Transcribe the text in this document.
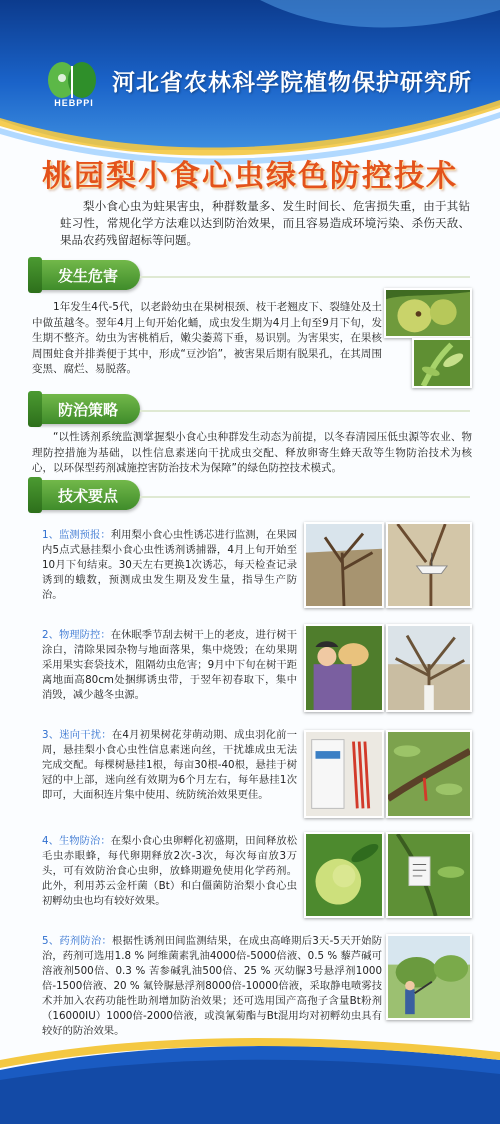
HEBPPI
河北省农林科学院植物保护研究所
桃园梨小食心虫绿色防控技术
梨小食心虫为蛀果害虫，种群数量多、发生时间长、危害损失重，由于其钻蛀习性，常规化学方法难以达到防治效果，而且容易造成环境污染、杀伤天敌、果品农药残留超标等问题。
发生危害
1年发生4代-5代，以老龄幼虫在果树根颈、枝干老翘皮下、裂缝处及土中做茧越冬。翌年4月上旬开始化蛹，成虫发生期为4月上旬至9月下旬，发生期不整齐。幼虫为害桃梢后，嫩尖萎蔫下垂，易识别。为害果实，在果核周围蛀食并排粪便于其中，形成“豆沙馅”，被害果后期有脱果孔，在其周围变黑、腐烂、易脱落。
防治策略
“以性诱剂系统监测掌握梨小食心虫种群发生动态为前提，以冬春清园压低虫源等农业、物理防控措施为基础，以性信息素迷向干扰成虫交配、释放卵寄生蜂天敌等生物防治技术为核心，以环保型药剂减施控害防治技术为保障”的绿色防控技术模式。
技术要点
1、监测预报：利用梨小食心虫性诱芯进行监测，在果园内5点式悬挂梨小食心虫性诱剂诱捕器，4月上旬开始至10月下旬结束。30天左右更换1次诱芯，每天检查记录诱到的蛾数，预测成虫发生期及发生量，指导生产防治。
2、物理防控：在休眠季节刮去树干上的老皮，进行树干涂白，清除果园杂物与地面落果，集中烧毁；在幼果期采用果实套袋技术，阻隔幼虫危害；9月中下旬在树干距离地面高80cm处捆绑诱虫带，于翌年初春取下，集中消毁，减少越冬虫源。
3、迷向干扰：在4月初果树花芽萌动期、成虫羽化前一周，悬挂梨小食心虫性信息素迷向丝，干扰雄成虫无法完成交配。每棵树悬挂1根，每亩30根-40根，悬挂于树冠的中上部，迷向丝有效期为6个月左右，每年悬挂1次即可，大面积连片集中使用、统防统治效果更佳。
4、生物防治：在梨小食心虫卵孵化初盛期，田间释放松毛虫赤眼蜂，每代卵期释放2次-3次，每次每亩放3万头，可有效防治食心虫卵，放蜂期避免使用化学药剂。此外，利用苏云金杆菌（Bt）和白僵菌防治梨小食心虫初孵幼虫也均有较好效果。
5、药剂防治：根据性诱剂田间监测结果，在成虫高峰期后3天-5天开始防治，药剂可选用1.8 % 阿维菌素乳油4000倍-5000倍液、0.5 % 藜芦碱可溶液剂500倍、0.3 % 苦参碱乳油500倍、25 % 灭幼脲3号悬浮剂1000倍-1500倍液、20 % 氟铃脲悬浮剂8000倍-10000倍液，采取静电喷雾技术并加入农药功能性助剂增加防治效果；还可选用国产高孢子含量Bt粉剂（16000IU）1000倍-2000倍液，或溴氰菊酯与Bt混用均对初孵幼虫具有较好的防治效果。
